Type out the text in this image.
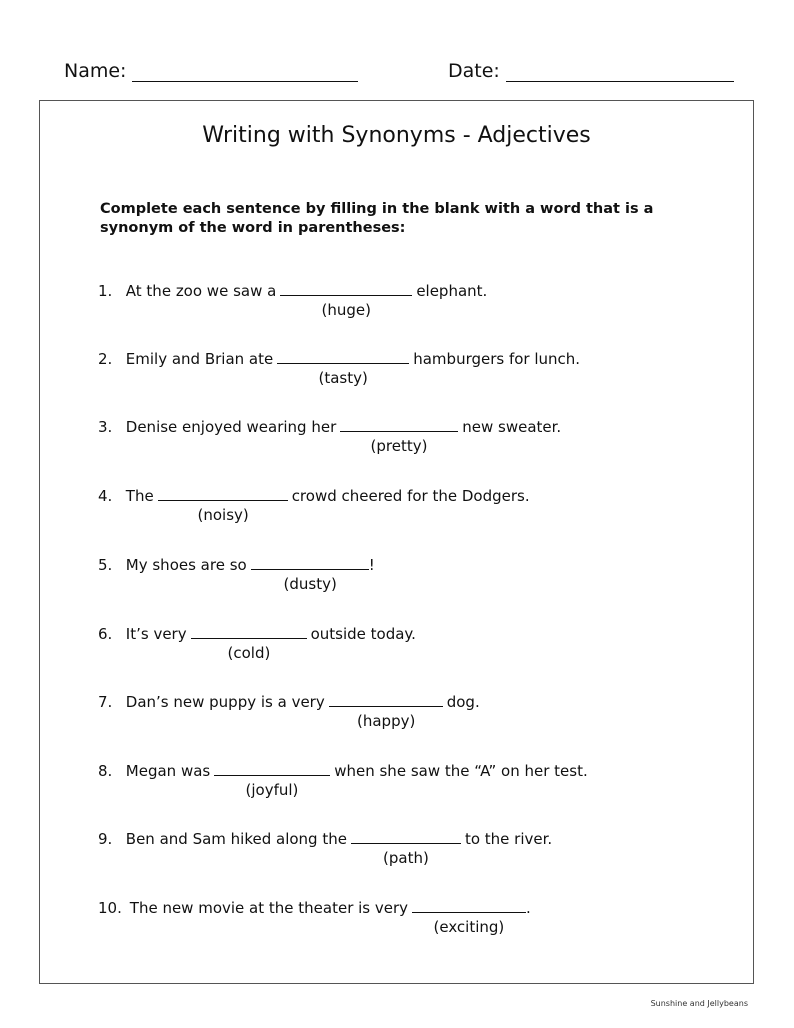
Name:	Date:
Writing with Synonyms - Adjectives
Complete each sentence by filling in the blank with a word that is a synonym of the word in parentheses:
1. At the zoo we saw a	elephant.
(huge)
2. Emily and Brian ate	hamburgers for lunch.
(tasty)
3. Denise enjoyed wearing her	new sweater.
(pretty)
4. The	crowd cheered for the Dodgers.
(noisy)
5. My shoes are so	!
(dusty)
6. It’s very	outside today.
(cold)
7. Dan’s new puppy is a very	dog.
(happy)
8. Megan was	when she saw the “A” on her test.
(joyful)
9. Ben and Sam hiked along the	to the river.
(path)
10. The new movie at the theater is very	.
(exciting)
Sunshine and Jellybeans
